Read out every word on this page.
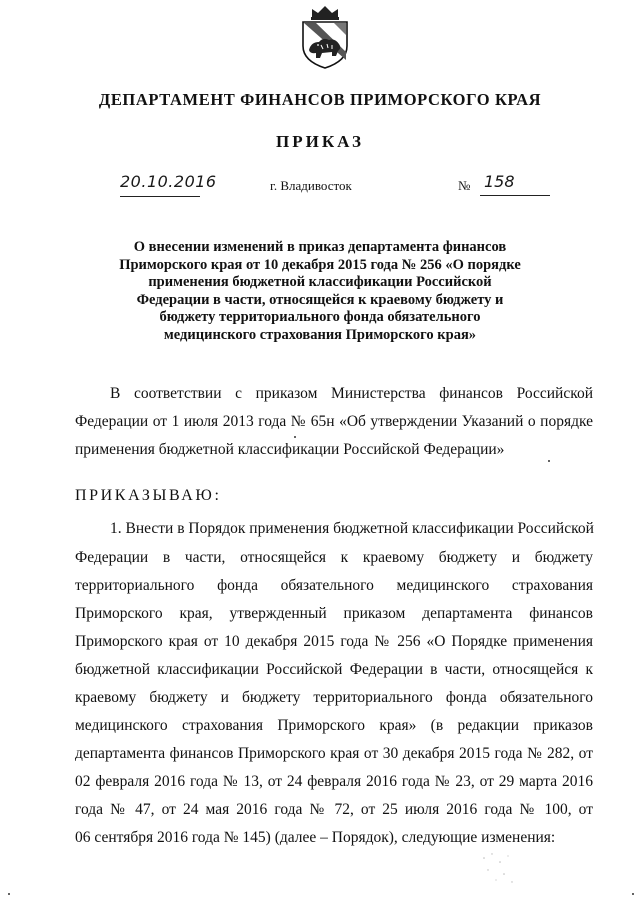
ДЕПАРТАМЕНТ ФИНАНСОВ ПРИМОРСКОГО КРАЯ
ПРИКАЗ
20.10.2016	г. Владивосток	№ 158
О внесении изменений в приказ департамента финансов
Приморского края от 10 декабря 2015 года № 256 «О порядке
применения бюджетной классификации Российской
Федерации в части, относящейся к краевому бюджету и
бюджету территориального фонда обязательного
медицинского страхования Приморского края»
В соответствии с приказом Министерства финансов Российской
Федерации от 1 июля 2013 года № 65н «Об утверждении Указаний о порядке
применения бюджетной классификации Российской Федерации»
ПРИКАЗЫВАЮ:
1. Внести в Порядок применения бюджетной классификации Российской
Федерации в части, относящейся к краевому бюджету и бюджету
территориального фонда обязательного медицинского страхования
Приморского края, утвержденный приказом департамента финансов
Приморского края от 10 декабря 2015 года № 256 «О Порядке применения
бюджетной классификации Российской Федерации в части, относящейся к
краевому бюджету и бюджету территориального фонда обязательного
медицинского страхования Приморского края» (в редакции приказов
департамента финансов Приморского края от 30 декабря 2015 года № 282, от
02 февраля 2016 года № 13, от 24 февраля 2016 года № 23, от 29 марта 2016
года № 47, от 24 мая 2016 года № 72, от 25 июля 2016 года № 100, от
06 сентября 2016 года № 145) (далее – Порядок), следующие изменения:
